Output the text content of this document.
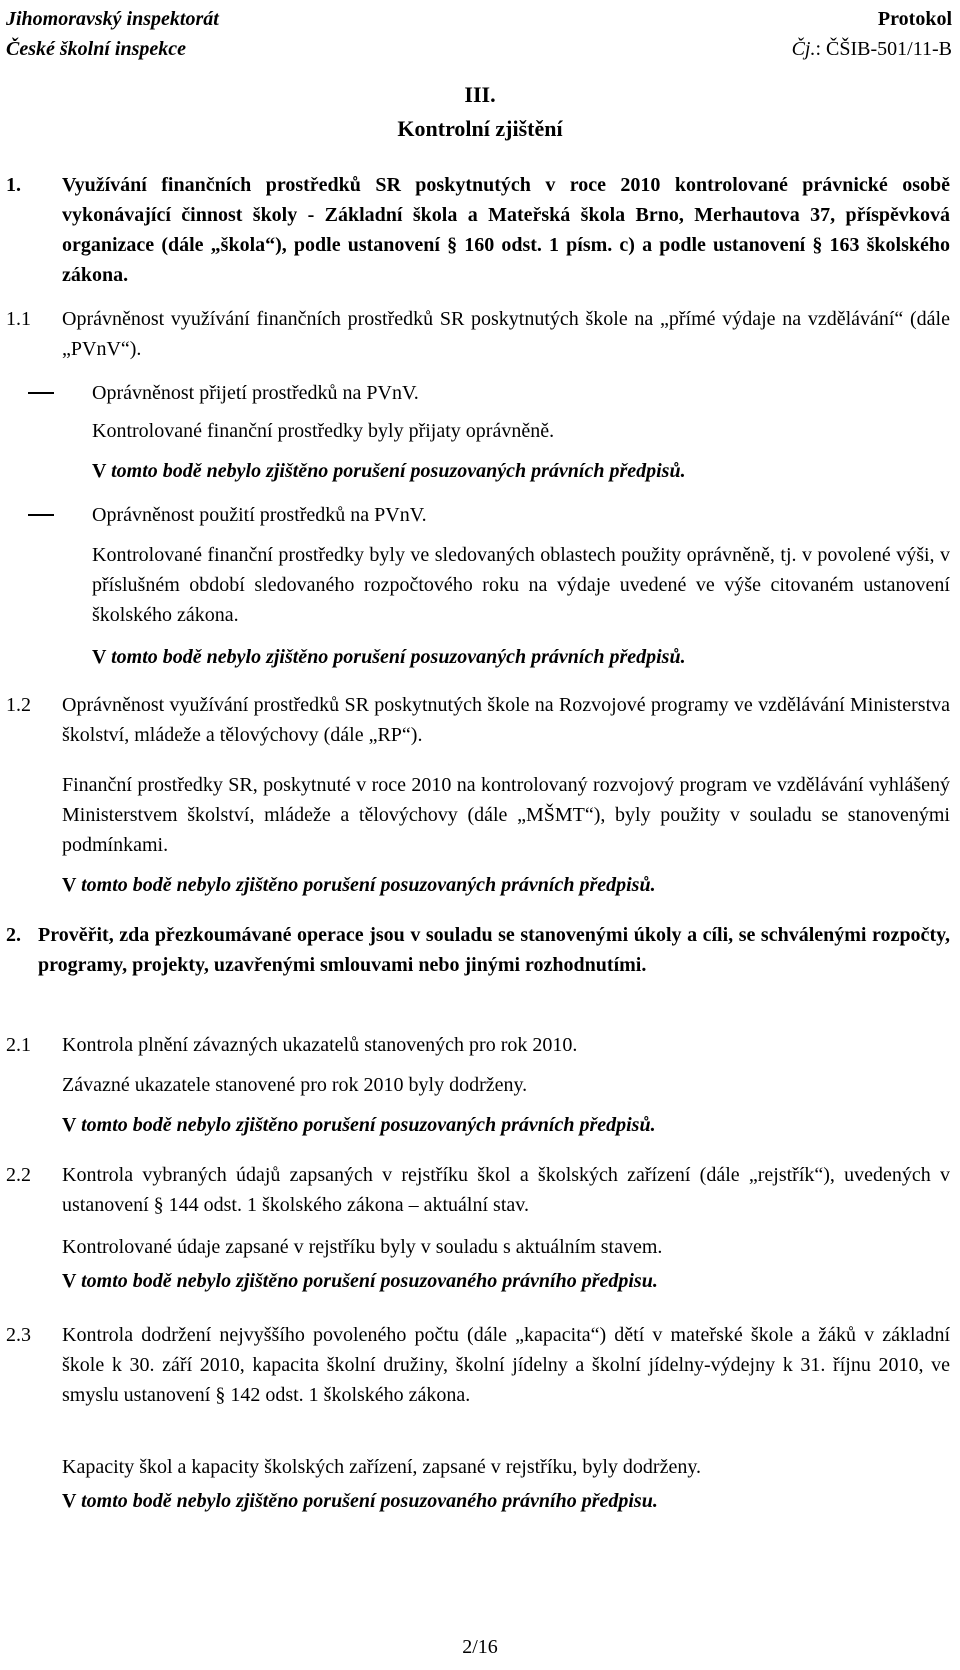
Jihomoravský inspektorát
České školní inspekce
Protokol
Čj.: ČŠIB-501/11-B
III.
Kontrolní zjištění
1. Využívání finančních prostředků SR poskytnutých v roce 2010 kontrolované právnické osobě vykonávající činnost školy - Základní škola a Mateřská škola Brno, Merhautova 37, příspěvková organizace (dále „škola“), podle ustanovení § 160 odst. 1 písm. c) a podle ustanovení § 163 školského zákona.
1.1 Oprávněnost využívání finančních prostředků SR poskytnutých škole na „přímé výdaje na vzdělávání“ (dále „PVnV“).
Oprávněnost přijetí prostředků na PVnV.
Kontrolované finanční prostředky byly přijaty oprávněně.
V tomto bodě nebylo zjištěno porušení posuzovaných právních předpisů.
Oprávněnost použití prostředků na PVnV.
Kontrolované finanční prostředky byly ve sledovaných oblastech použity oprávněně, tj. v povolené výši, v příslušném období sledovaného rozpočtového roku na výdaje uvedené ve výše citovaném ustanovení školského zákona.
V tomto bodě nebylo zjištěno porušení posuzovaných právních předpisů.
1.2 Oprávněnost využívání prostředků SR poskytnutých škole na Rozvojové programy ve vzdělávání Ministerstva školství, mládeže a tělovýchovy (dále „RP“).
Finanční prostředky SR, poskytnuté v roce 2010 na kontrolovaný rozvojový program ve vzdělávání vyhlášený Ministerstvem školství, mládeže a tělovýchovy (dále „MŠMT“), byly použity v souladu se stanovenými podmínkami.
V tomto bodě nebylo zjištěno porušení posuzovaných právních předpisů.
2. Prověřit, zda přezkoumávané operace jsou v souladu se stanovenými úkoly a cíli, se schválenými rozpočty, programy, projekty, uzavřenými smlouvami nebo jinými rozhodnutími.
2.1 Kontrola plnění závazných ukazatelů stanovených pro rok 2010.
Závazné ukazatele stanovené pro rok 2010 byly dodrženy.
V tomto bodě nebylo zjištěno porušení posuzovaných právních předpisů.
2.2 Kontrola vybraných údajů zapsaných v rejstříku škol a školských zařízení (dále „rejstřík“), uvedených v ustanovení § 144 odst. 1 školského zákona – aktuální stav.
Kontrolované údaje zapsané v rejstříku byly v souladu s aktuálním stavem.
V tomto bodě nebylo zjištěno porušení posuzovaného právního předpisu.
2.3 Kontrola dodržení nejvyššího povoleného počtu (dále „kapacita“) dětí v mateřské škole a žáků v základní škole k 30. září 2010, kapacita školní družiny, školní jídelny a školní jídelny-výdejny k 31. říjnu 2010, ve smyslu ustanovení § 142 odst. 1 školského zákona.
Kapacity škol a kapacity školských zařízení, zapsané v rejstříku, byly dodrženy.
V tomto bodě nebylo zjištěno porušení posuzovaného právního předpisu.
2/16
